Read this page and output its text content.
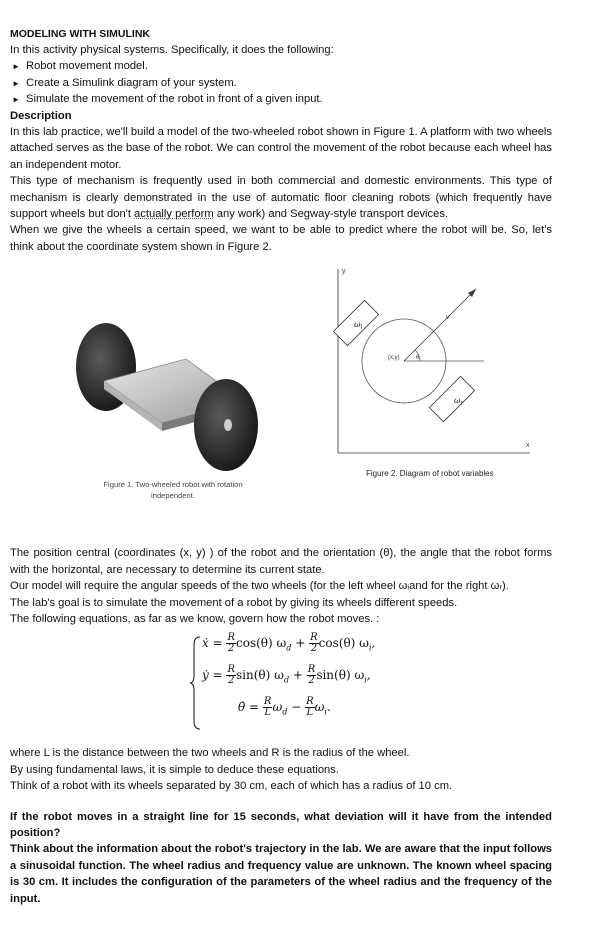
MODELING WITH SIMULINK

In this activity physical systems. Specifically, it does the following:

► Robot movement model.
► Create a Simulink diagram of your system.
► Simulate the movement of the robot in front of a given input.
Description

In this lab practice, we'll build a model of the two-wheeled robot shown in Figure 1. A platform with two wheels attached serves as the base of the robot. We can control the movement of the robot because each wheel has an independent motor.

This type of mechanism is frequently used in both commercial and domestic environments. This type of mechanism is clearly demonstrated in the use of automatic floor cleaning robots (which frequently have support wheels but don't actually perform any work) and Segway-style transport devices.

When we give the wheels a certain speed, we want to be able to predict where the robot will be. So, let's think about the coordinate system shown in Figure 2.

Figure 1. Two-wheeled robot with rotation independent.
y
x
v
(x,y)	θ
$\omega_l$
$\omega_r$
Figure 2. Diagram of robot variables

The position central (coordinates (x, y) ) of the robot and the orientation (θ), the angle that the robot forms with the horizontal, are necessary to determine its current state.

Our model will require the angular speeds of the two wheels (for the left wheel ωᵢand for the right ωᵣ).

The lab's goal is to simulate the movement of a robot by giving its wheels different speeds.

The following equations, as far as we know, govern how the robot moves. :

ẋ = $\frac{R}{2} \cos(\theta) \omega_d + \frac{R}{2} \cos(\theta)$ $\omega_i$,
ẏ = $\frac{R}{2} \sin(\theta) \omega_d + \frac{R}{2} \sin(\theta)$ $\omega_i$,
θ̇ = $\frac{R}{L} \omega_d - \frac{R}{L} \omega_i$.

where L is the distance between the two wheels and R is the radius of the wheel.

By using fundamental laws, it is simple to deduce these equations.

Think of a robot with its wheels separated by 30 cm, each of which has a radius of 10 cm.

If the robot moves in a straight line for 15 seconds, what deviation will it have from the intended position?

Think about the information about the robot's trajectory in the lab. We are aware that the input follows a sinusoidal function. The wheel radius and frequency value are unknown. The known wheel spacing is 30 cm. It includes the configuration of the parameters of the wheel radius and the frequency of the input.
